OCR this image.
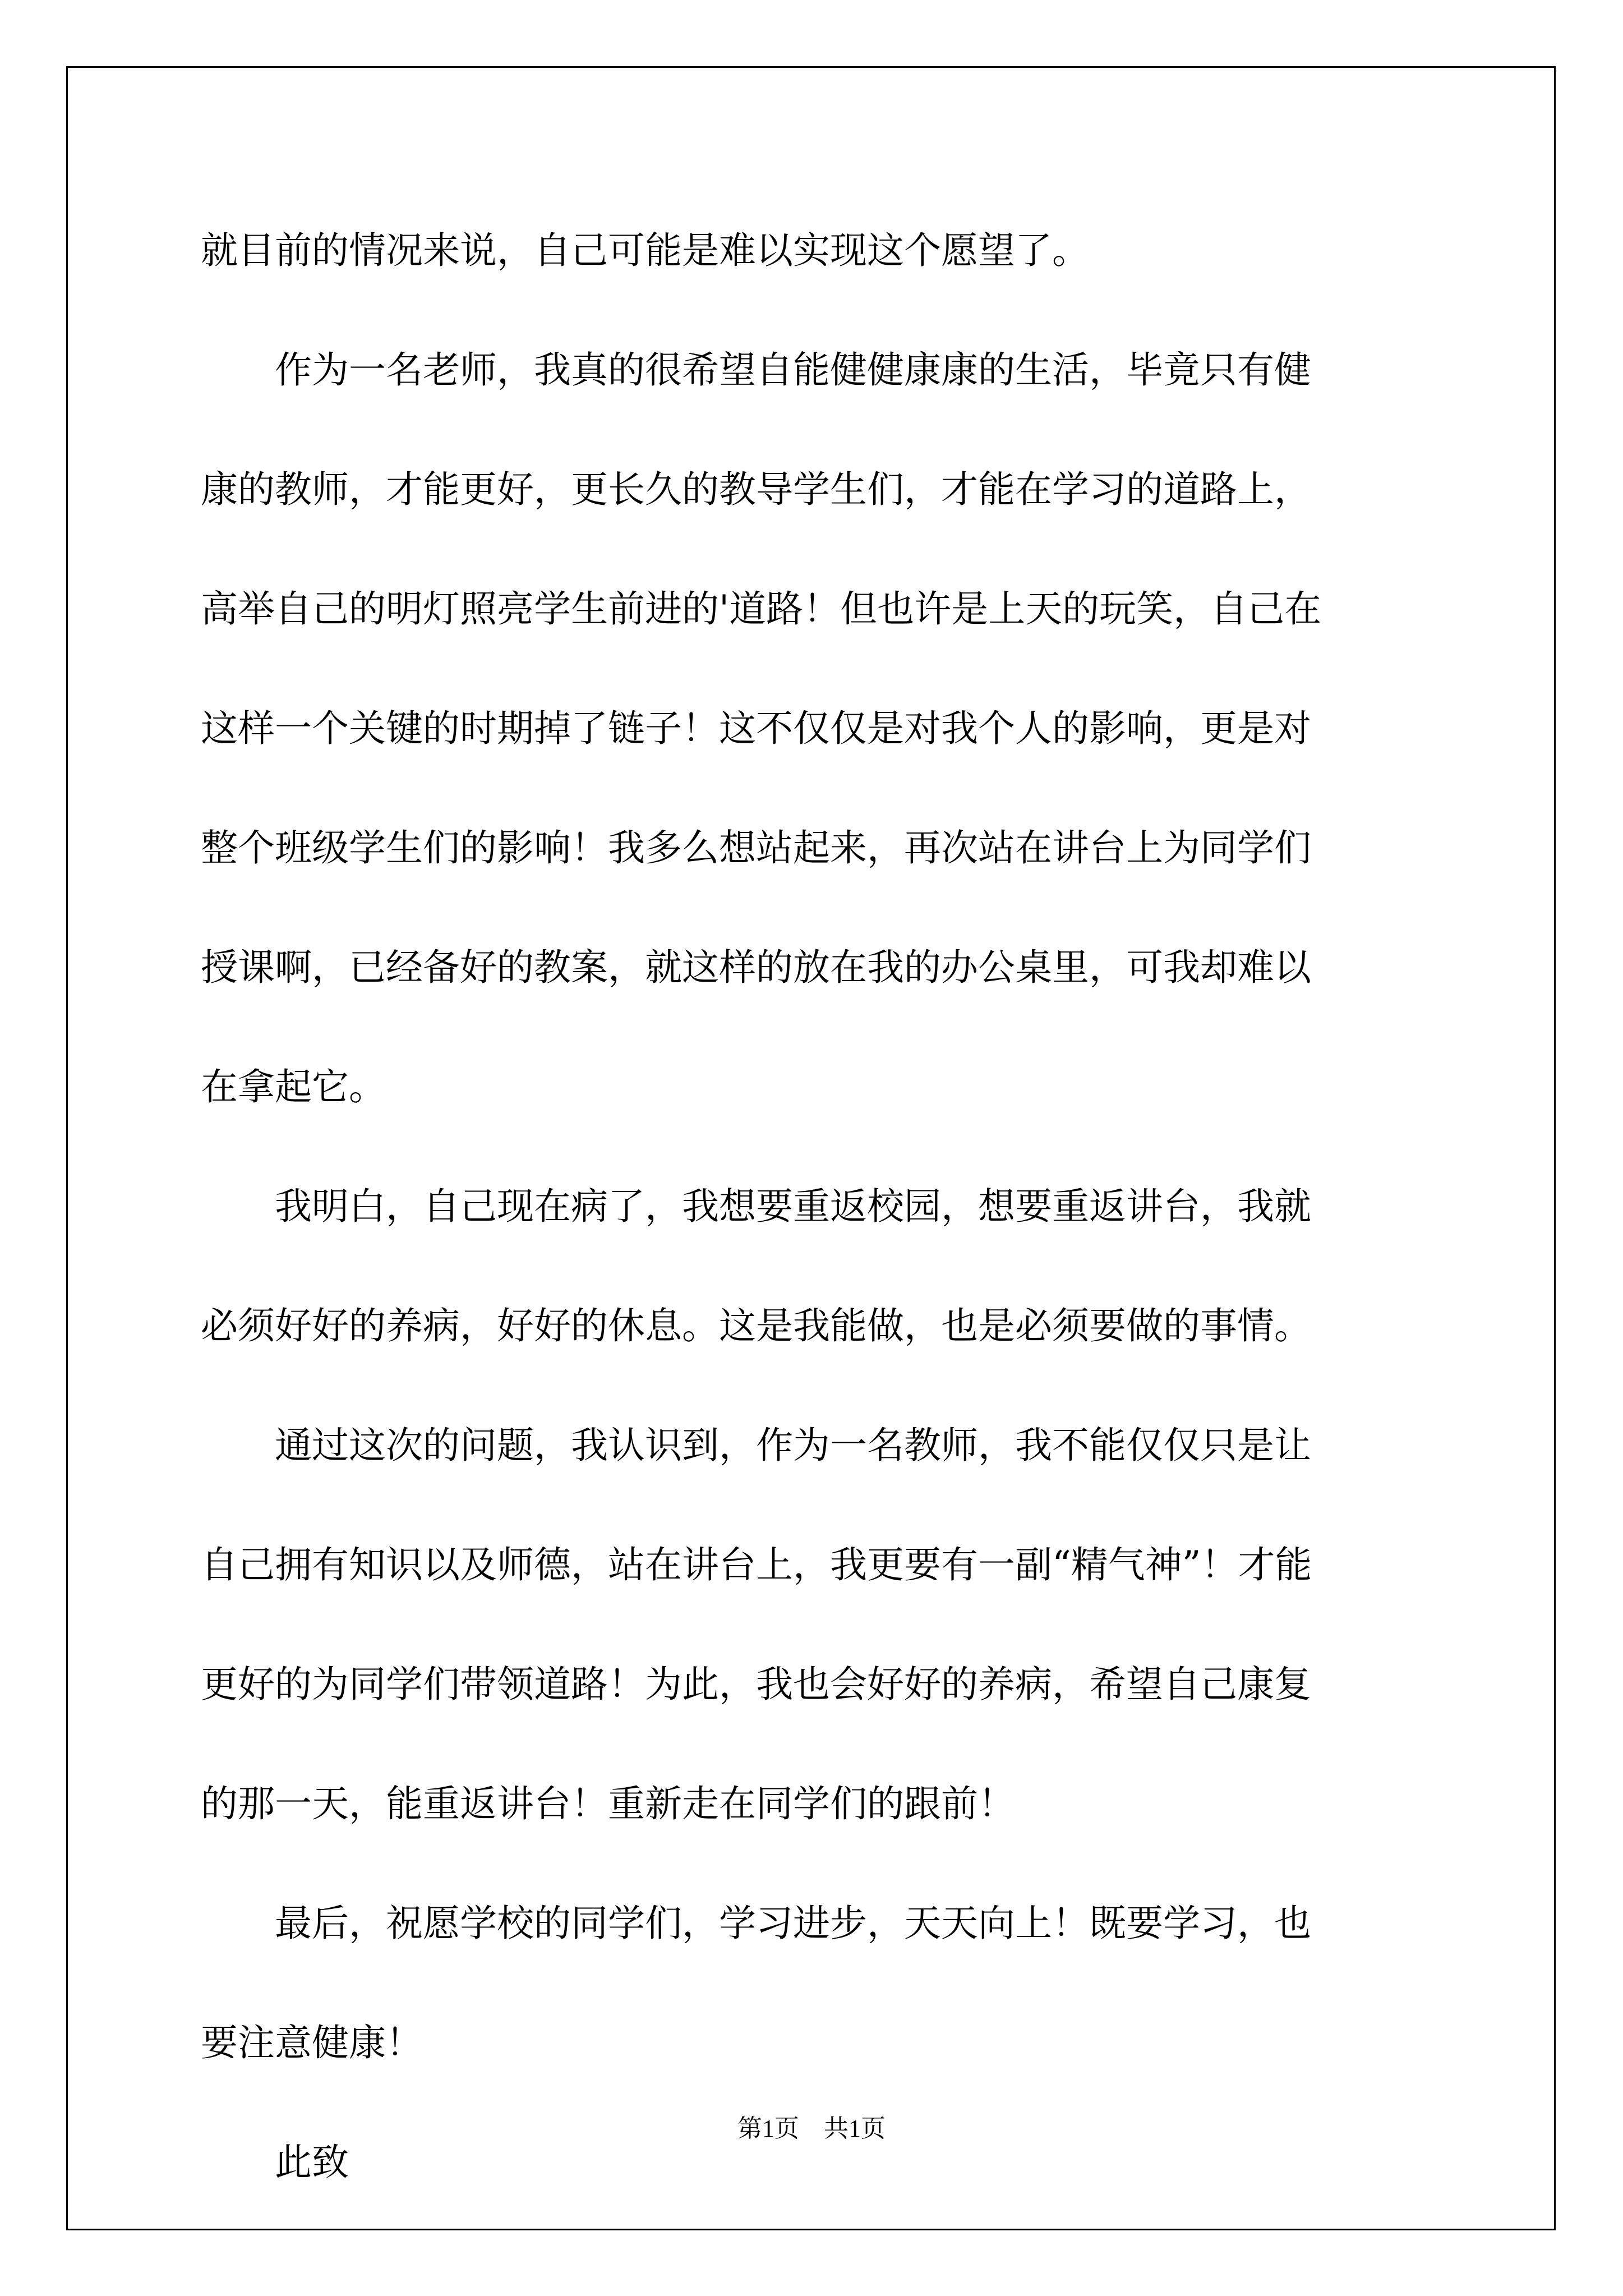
就目前的情况来说，自己可能是难以实现这个愿望了。
　　作为一名老师，我真的很希望自能健健康康的生活，毕竟只有健
康的教师，才能更好，更长久的教导学生们，才能在学习的道路上，
高举自己的明灯照亮学生前进的'道路！但也许是上天的玩笑，自己在
这样一个关键的时期掉了链子！这不仅仅是对我个人的影响，更是对
整个班级学生们的影响！我多么想站起来，再次站在讲台上为同学们
授课啊，已经备好的教案，就这样的放在我的办公桌里，可我却难以
在拿起它。
　　我明白，自己现在病了，我想要重返校园，想要重返讲台，我就
必须好好的养病，好好的休息。这是我能做，也是必须要做的事情。
　　通过这次的问题，我认识到，作为一名教师，我不能仅仅只是让
自己拥有知识以及师德，站在讲台上，我更要有一副“精气神”！才能
更好的为同学们带领道路！为此，我也会好好的养病，希望自己康复
的那一天，能重返讲台！重新走在同学们的跟前！
　　最后，祝愿学校的同学们，学习进步，天天向上！既要学习，也
要注意健康！
　　此致
第1页　共1页
